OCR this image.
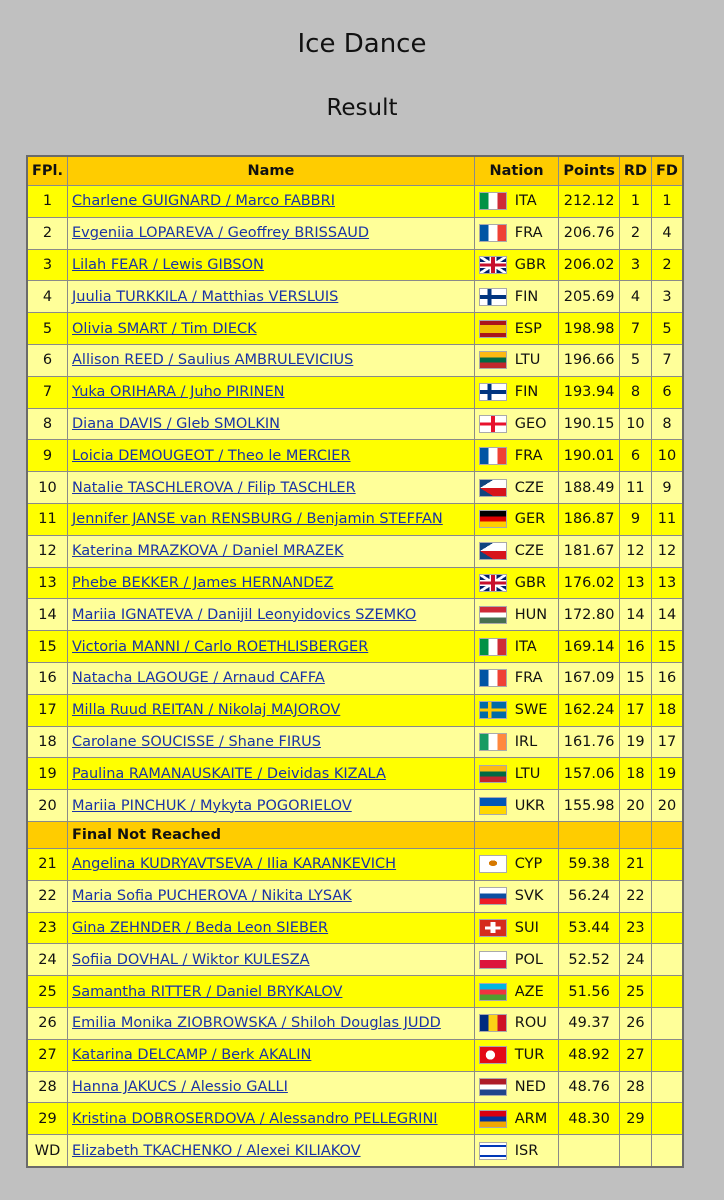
Ice Dance
Result
FPl.	Name	Nation	Points	RD	FD
1	Charlene GUIGNARD / Marco FABBRI	ITA	212.12	1	1
2	Evgeniia LOPAREVA / Geoffrey BRISSAUD	FRA	206.76	2	4
3	Lilah FEAR / Lewis GIBSON	GBR	206.02	3	2
4	Juulia TURKKILA / Matthias VERSLUIS	FIN	205.69	4	3
5	Olivia SMART / Tim DIECK	ESP	198.98	7	5
6	Allison REED / Saulius AMBRULEVICIUS	LTU	196.66	5	7
7	Yuka ORIHARA / Juho PIRINEN	FIN	193.94	8	6
8	Diana DAVIS / Gleb SMOLKIN	GEO	190.15	10	8
9	Loicia DEMOUGEOT / Theo le MERCIER	FRA	190.01	6	10
10	Natalie TASCHLEROVA / Filip TASCHLER	CZE	188.49	11	9
11	Jennifer JANSE van RENSBURG / Benjamin STEFFAN	GER	186.87	9	11
12	Katerina MRAZKOVA / Daniel MRAZEK	CZE	181.67	12	12
13	Phebe BEKKER / James HERNANDEZ	GBR	176.02	13	13
14	Mariia IGNATEVA / Danijil Leonyidovics SZEMKO	HUN	172.80	14	14
15	Victoria MANNI / Carlo ROETHLISBERGER	ITA	169.14	16	15
16	Natacha LAGOUGE / Arnaud CAFFA	FRA	167.09	15	16
17	Milla Ruud REITAN / Nikolaj MAJOROV	SWE	162.24	17	18
18	Carolane SOUCISSE / Shane FIRUS	IRL	161.76	19	17
19	Paulina RAMANAUSKAITE / Deividas KIZALA	LTU	157.06	18	19
20	Mariia PINCHUK / Mykyta POGORIELOV	UKR	155.98	20	20
	Final Not Reached				
21	Angelina KUDRYAVTSEVA / Ilia KARANKEVICH	CYP	59.38	21	
22	Maria Sofia PUCHEROVA / Nikita LYSAK	SVK	56.24	22	
23	Gina ZEHNDER / Beda Leon SIEBER	SUI	53.44	23	
24	Sofiia DOVHAL / Wiktor KULESZA	POL	52.52	24	
25	Samantha RITTER / Daniel BRYKALOV	AZE	51.56	25	
26	Emilia Monika ZIOBROWSKA / Shiloh Douglas JUDD	ROU	49.37	26	
27	Katarina DELCAMP / Berk AKALIN	TUR	48.92	27	
28	Hanna JAKUCS / Alessio GALLI	NED	48.76	28	
29	Kristina DOBROSERDOVA / Alessandro PELLEGRINI	ARM	48.30	29	
WD	Elizabeth TKACHENKO / Alexei KILIAKOV	ISR			
